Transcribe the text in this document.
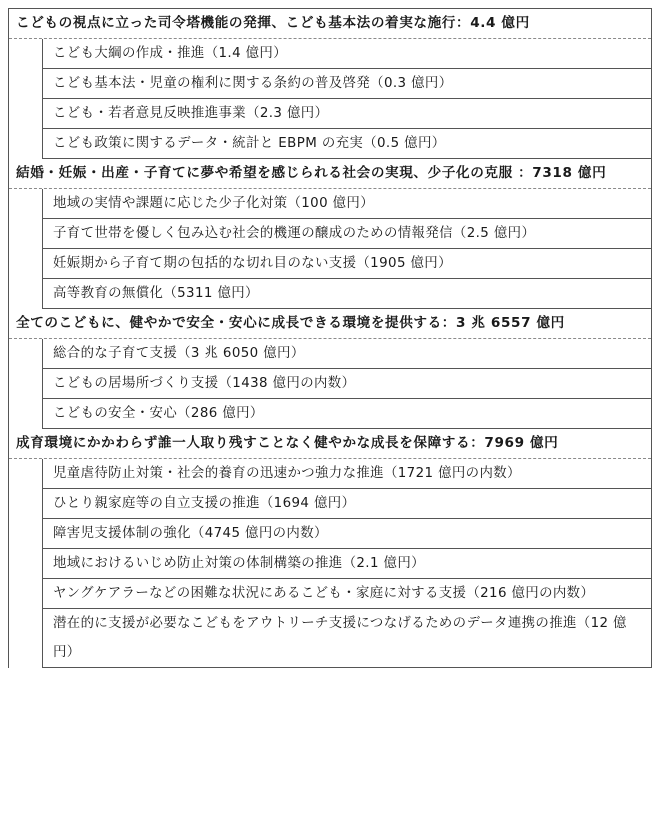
こどもの視点に立った司令塔機能の発揮、こども基本法の着実な施行：4.4 億円
こども大綱の作成・推進（1.4 億円）
こども基本法・児童の権利に関する条約の普及啓発（0.3 億円）
こども・若者意見反映推進事業（2.3 億円）
こども政策に関するデータ・統計と EBPM の充実（0.5 億円）
結婚・妊娠・出産・子育てに夢や希望を感じられる社会の実現、少子化の克服 ：7318 億円
地域の実情や課題に応じた少子化対策（100 億円）
子育て世帯を優しく包み込む社会的機運の醸成のための情報発信（2.5 億円）
妊娠期から子育て期の包括的な切れ目のない支援（1905 億円）
高等教育の無償化（5311 億円）
全てのこどもに、健やかで安全・安心に成長できる環境を提供する：3 兆 6557 億円
総合的な子育て支援（3 兆 6050 億円）
こどもの居場所づくり支援（1438 億円の内数）
こどもの安全・安心（286 億円）
成育環境にかかわらず誰一人取り残すことなく健やかな成長を保障する：7969 億円
児童虐待防止対策・社会的養育の迅速かつ強力な推進（1721 億円の内数）
ひとり親家庭等の自立支援の推進（1694 億円）
障害児支援体制の強化（4745 億円の内数）
地域におけるいじめ防止対策の体制構築の推進（2.1 億円）
ヤングケアラーなどの困難な状況にあるこども・家庭に対する支援（216 億円の内数）
潜在的に支援が必要なこどもをアウトリーチ支援につなげるためのデータ連携の推進（12 億円）
